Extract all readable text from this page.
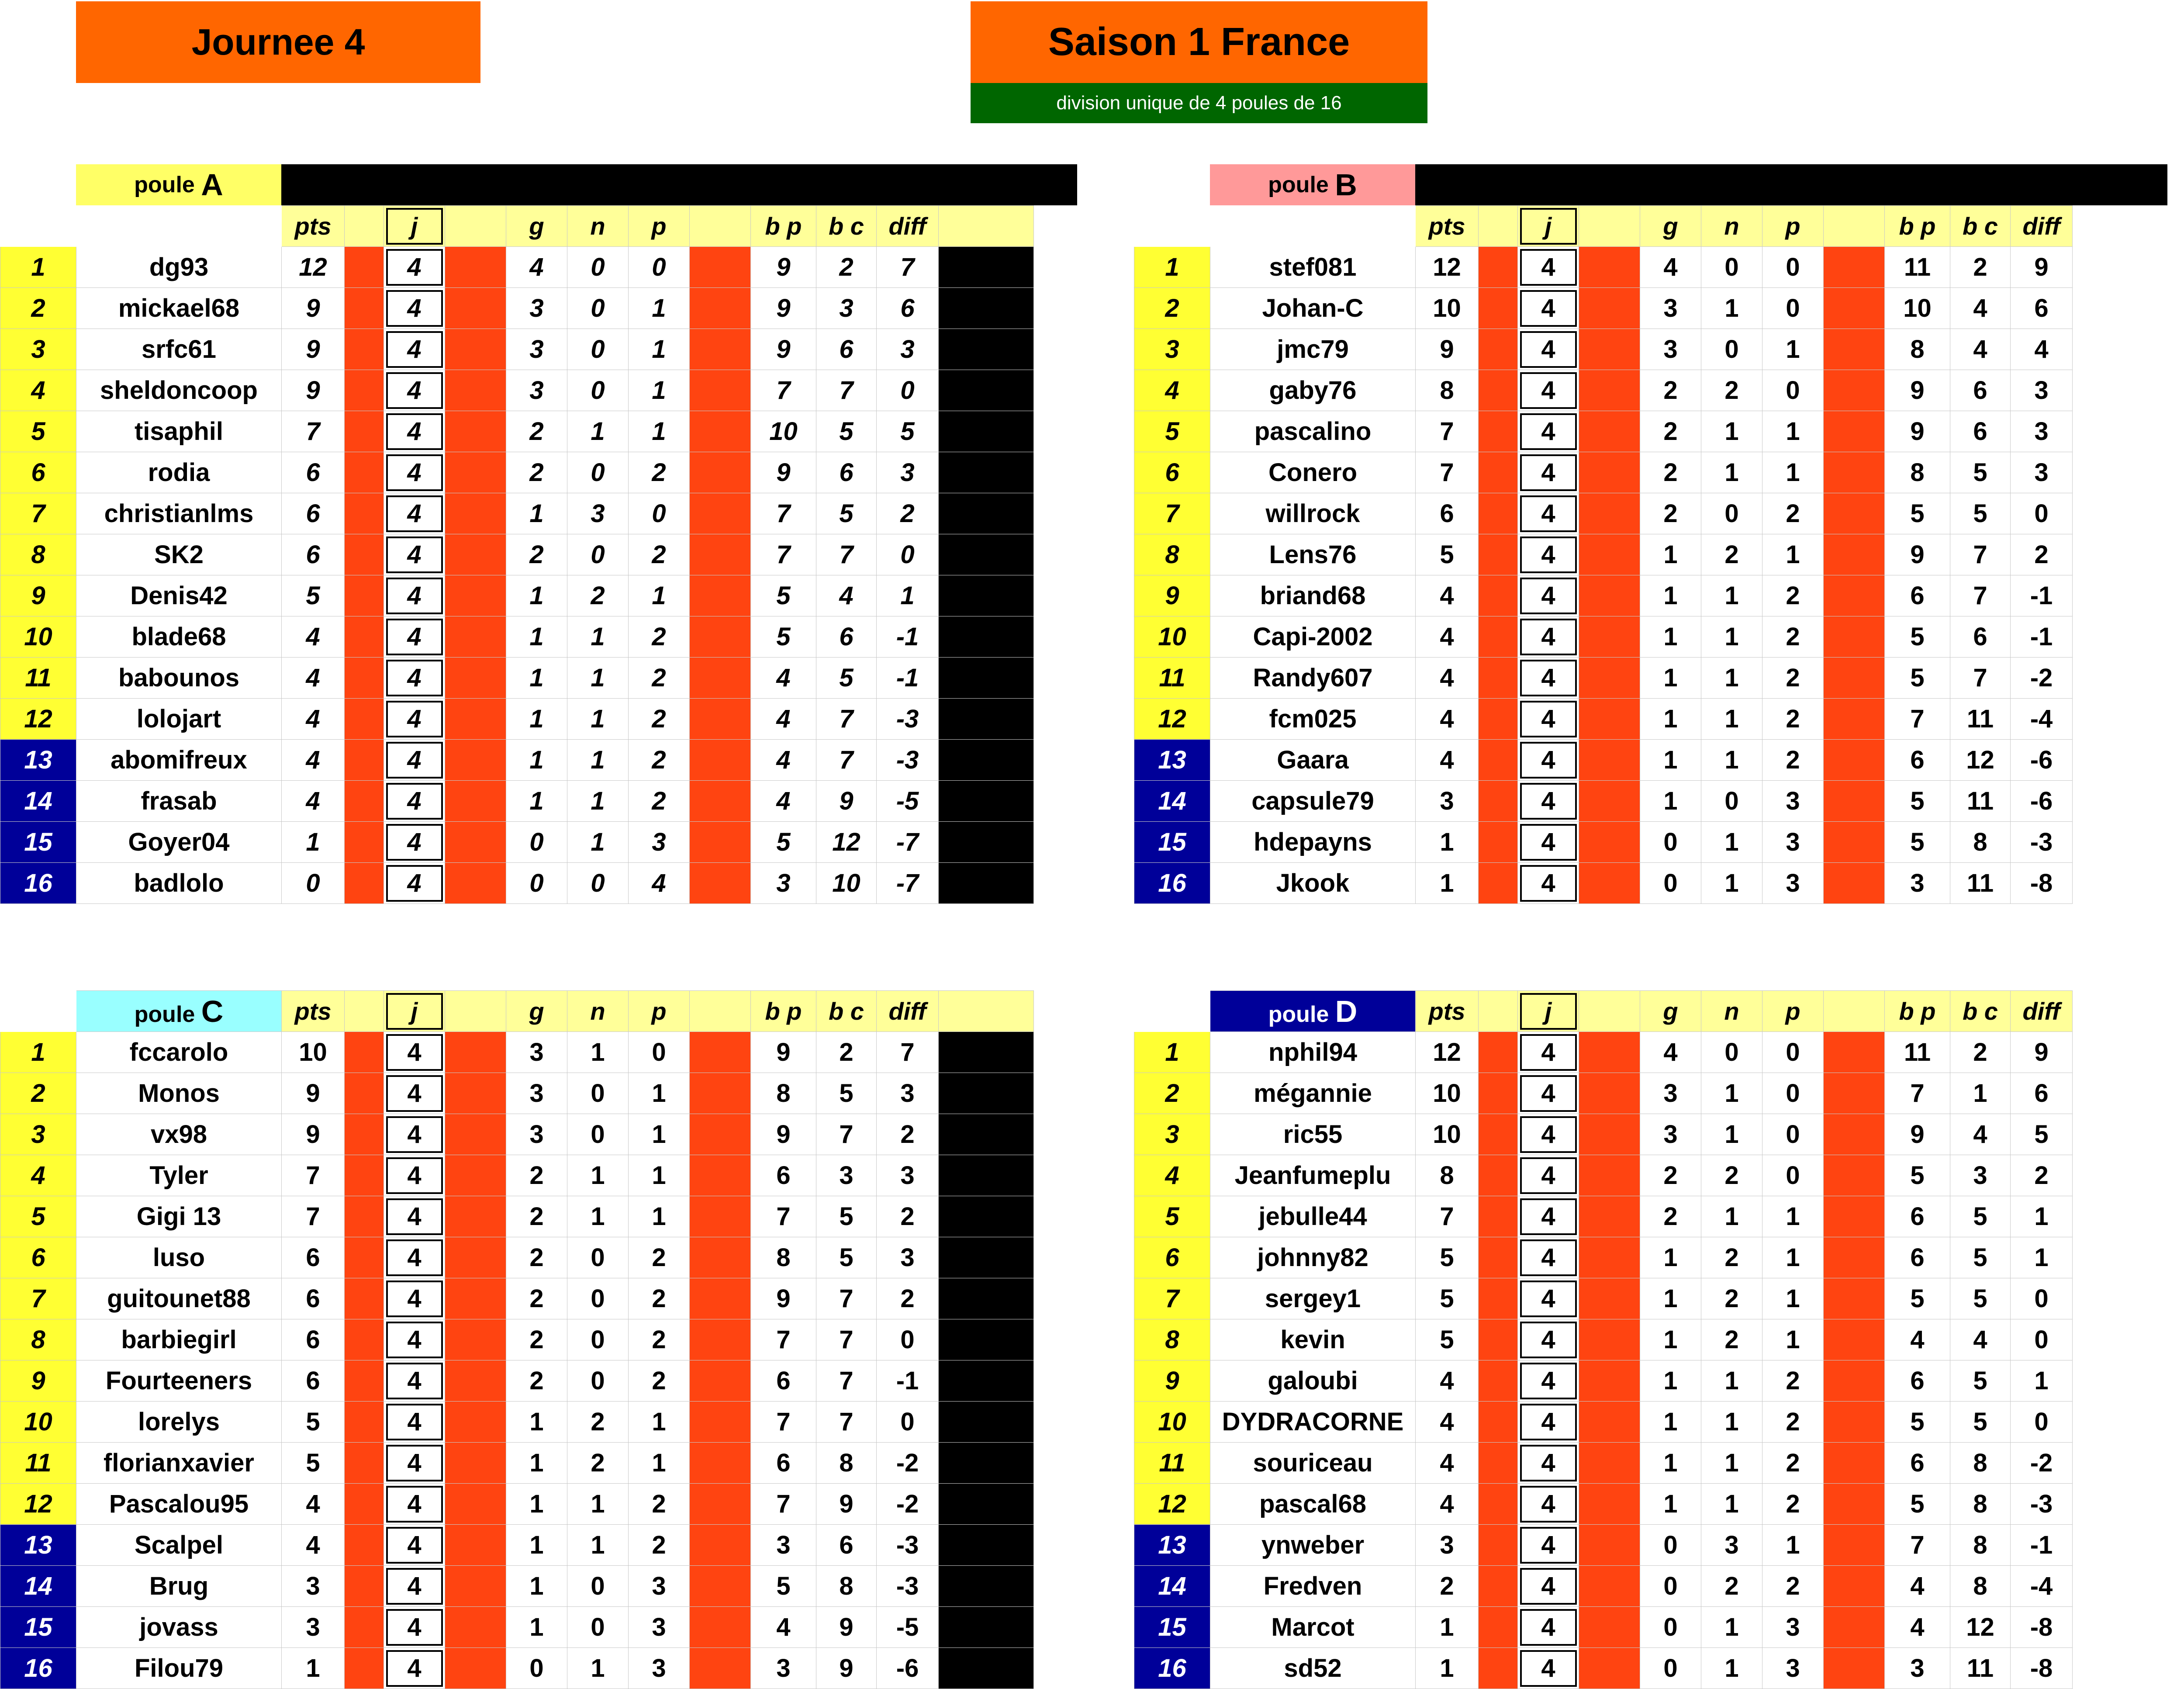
Journee 4	Saison 1 France
division unique de 4 poules de 16
poule
A
		pts		j		g	n	p		b p	b c	diff	
1	dg93	12		4		4	0	0		9	2	7	
2	mickael68	9		4		3	0	1		9	3	6	
3	srfc61	9		4		3	0	1		9	6	3	
4	sheldoncoop	9		4		3	0	1		7	7	0	
5	tisaphil	7		4		2	1	1		10	5	5	
6	rodia	6		4		2	0	2		9	6	3	
7	christianlms	6		4		1	3	0		7	5	2	
8	SK2	6		4		2	0	2		7	7	0	
9	Denis42	5		4		1	2	1		5	4	1	
10	blade68	4		4		1	1	2		5	6	-1	
11	babounos	4		4		1	1	2		4	5	-1	
12	lolojart	4		4		1	1	2		4	7	-3	
13	abomifreux	4		4		1	1	2		4	7	-3	
14	frasab	4		4		1	1	2		4	9	-5	
15	Goyer04	1		4		0	1	3		5	12	-7	
16	badlolo	0		4		0	0	4		3	10	-7	
poule
B
		pts		j		g	n	p		b p	b c	diff	
1	stef081	12		4		4	0	0		11	2	9	
2	Johan-C	10		4		3	1	0		10	4	6	
3	jmc79	9		4		3	0	1		8	4	4	
4	gaby76	8		4		2	2	0		9	6	3	
5	pascalino	7		4		2	1	1		9	6	3	
6	Conero	7		4		2	1	1		8	5	3	
7	willrock	6		4		2	0	2		5	5	0	
8	Lens76	5		4		1	2	1		9	7	2	
9	briand68	4		4		1	1	2		6	7	-1	
10	Capi-2002	4		4		1	1	2		5	6	-1	
11	Randy607	4		4		1	1	2		5	7	-2	
12	fcm025	4		4		1	1	2		7	11	-4	
13	Gaara	4		4		1	1	2		6	12	-6	
14	capsule79	3		4		1	0	3		5	11	-6	
15	hdepayns	1		4		0	1	3		5	8	-3	
16	Jkook	1		4		0	1	3		3	11	-8	
	poule C	pts		j		g	n	p		b p	b c	diff	
1	fccarolo	10		4		3	1	0		9	2	7	
2	Monos	9		4		3	0	1		8	5	3	
3	vx98	9		4		3	0	1		9	7	2	
4	Tyler	7		4		2	1	1		6	3	3	
5	Gigi 13	7		4		2	1	1		7	5	2	
6	luso	6		4		2	0	2		8	5	3	
7	guitounet88	6		4		2	0	2		9	7	2	
8	barbiegirl	6		4		2	0	2		7	7	0	
9	Fourteeners	6		4		2	0	2		6	7	-1	
10	lorelys	5		4		1	2	1		7	7	0	
11	florianxavier	5		4		1	2	1		6	8	-2	
12	Pascalou95	4		4		1	1	2		7	9	-2	
13	Scalpel	4		4		1	1	2		3	6	-3	
14	Brug	3		4		1	0	3		5	8	-3	
15	jovass	3		4		1	0	3		4	9	-5	
16	Filou79	1		4		0	1	3		3	9	-6	
	poule D	pts		j		g	n	p		b p	b c	diff	
1	nphil94	12		4		4	0	0		11	2	9	
2	mégannie	10		4		3	1	0		7	1	6	
3	ric55	10		4		3	1	0		9	4	5	
4	Jeanfumeplu	8		4		2	2	0		5	3	2	
5	jebulle44	7		4		2	1	1		6	5	1	
6	johnny82	5		4		1	2	1		6	5	1	
7	sergey1	5		4		1	2	1		5	5	0	
8	kevin	5		4		1	2	1		4	4	0	
9	galoubi	4		4		1	1	2		6	5	1	
10	DYDRACORNE	4		4		1	1	2		5	5	0	
11	souriceau	4		4		1	1	2		6	8	-2	
12	pascal68	4		4		1	1	2		5	8	-3	
13	ynweber	3		4		0	3	1		7	8	-1	
14	Fredven	2		4		0	2	2		4	8	-4	
15	Marcot	1		4		0	1	3		4	12	-8	
16	sd52	1		4		0	1	3		3	11	-8	
